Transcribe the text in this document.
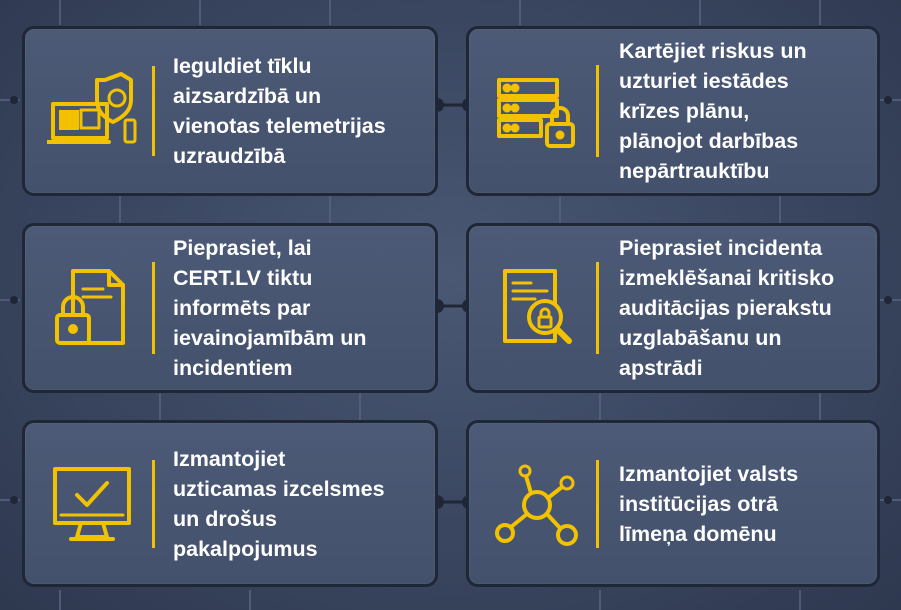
Ieguldiet tīklu
aizsardzībā un
vienotas telemetrijas
uzraudzībā
Kartējiet riskus un
uzturiet iestādes
krīzes plānu,
plānojot darbības
nepārtrauktību
Pieprasiet, lai
CERT.LV tiktu
informēts par
ievainojamībām un
incidentiem
Pieprasiet incidenta
izmeklēšanai kritisko
auditācijas pierakstu
uzglabāšanu un
apstrādi
Izmantojiet
uzticamas izcelsmes
un drošus
pakalpojumus
Izmantojiet valsts
institūcijas otrā
līmeņa domēnu
